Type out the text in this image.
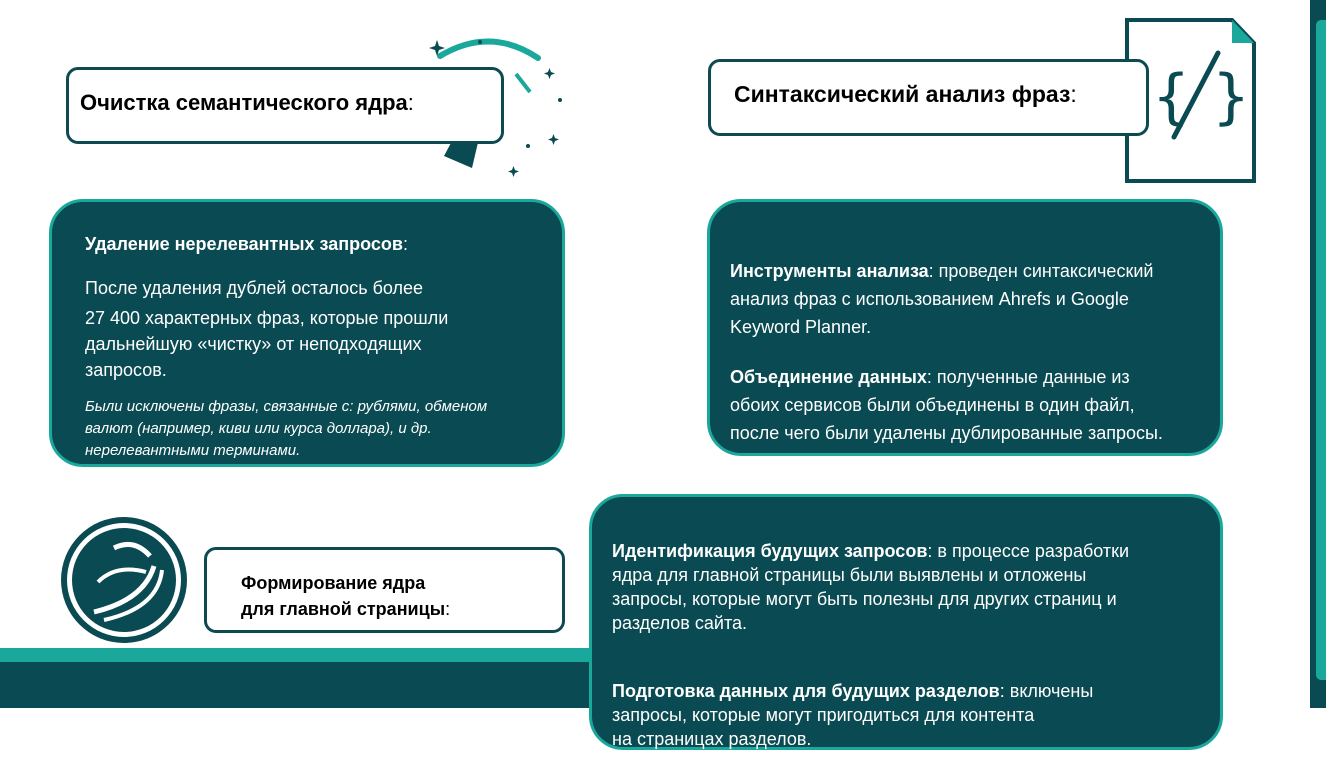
Очистка семантического ядра:

Удаление нерелевантных запросов:

После удаления дублей осталось более

27 400 характерных фраз, которые прошли

дальнейшую «чистку» от неподходящих

запросов.

Были исключены фразы, связанные с: рублями, обменом

валют (например, киви или курса доллара), и др.

нерелевантными терминами.

{ }
Синтаксический анализ фраз:

Инструменты анализа: проведен синтаксический

анализ фраз с использованием Ahrefs и Google

Keyword Planner.

Объединение данных: полученные данные из

обоих сервисов были объединены в один файл,

после чего были удалены дублированные запросы.

Формирование ядра
для главной страницы:

Идентификация будущих запросов: в процессе разработки

ядра для главной страницы были выявлены и отложены

запросы, которые могут быть полезны для других страниц и

разделов сайта.

Подготовка данных для будущих разделов: включены

запросы, которые могут пригодиться для контента

на страницах разделов.
